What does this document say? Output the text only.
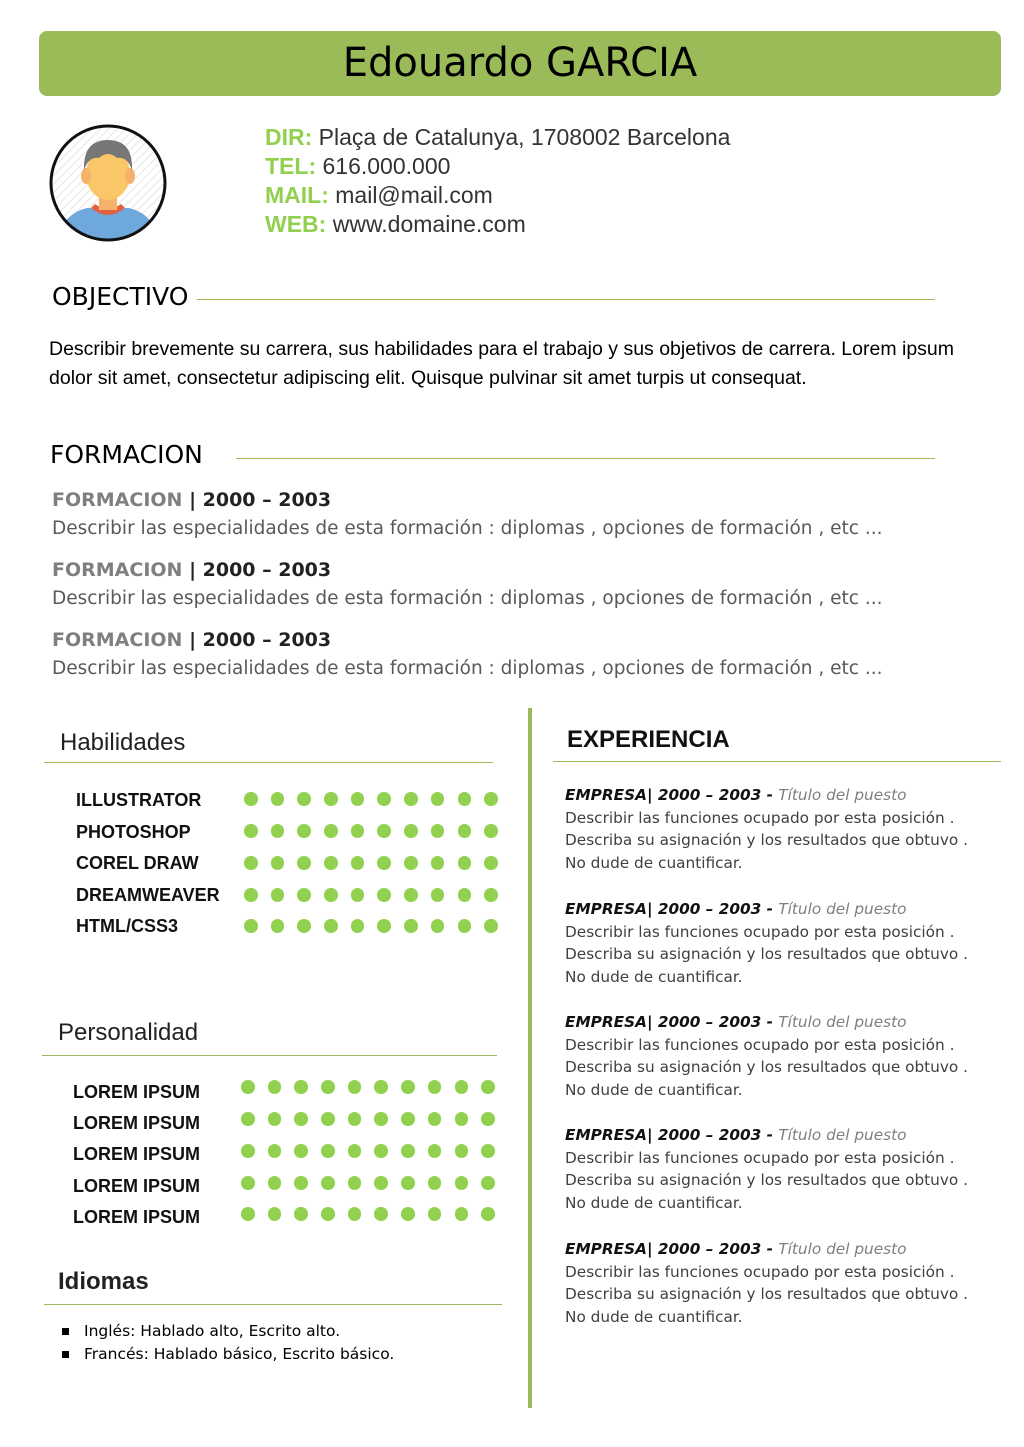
Edouardo GARCIA
DIR: Plaça de Catalunya, 1708002 Barcelona
TEL: 616.000.000
MAIL: mail@mail.com
WEB: www.domaine.com
OBJECTIVO
Describir brevemente su carrera, sus habilidades para el trabajo y sus objetivos de carrera. Lorem ipsum dolor sit amet, consectetur adipiscing elit. Quisque pulvinar sit amet turpis ut consequat.
FORMACION
FORMACION | 2000 – 2003
Describir las especialidades de esta formación : diplomas , opciones de formación , etc ...
FORMACION | 2000 – 2003
Describir las especialidades de esta formación : diplomas , opciones de formación , etc ...
FORMACION | 2000 – 2003
Describir las especialidades de esta formación : diplomas , opciones de formación , etc ...
Habilidades
ILLUSTRATOR
PHOTOSHOP
COREL DRAW
DREAMWEAVER
HTML/CSS3
Personalidad
LOREM IPSUM
LOREM IPSUM
LOREM IPSUM
LOREM IPSUM
LOREM IPSUM
Idiomas
Inglés: Hablado alto, Escrito alto.
Francés: Hablado básico, Escrito básico.
EXPERIENCIA
EMPRESA| 2000 – 2003 - Título del puesto
Describir las funciones ocupado por esta posición .
Describa su asignación y los resultados que obtuvo .
No dude de cuantificar.
EMPRESA| 2000 – 2003 - Título del puesto
Describir las funciones ocupado por esta posición .
Describa su asignación y los resultados que obtuvo .
No dude de cuantificar.
EMPRESA| 2000 – 2003 - Título del puesto
Describir las funciones ocupado por esta posición .
Describa su asignación y los resultados que obtuvo .
No dude de cuantificar.
EMPRESA| 2000 – 2003 - Título del puesto
Describir las funciones ocupado por esta posición .
Describa su asignación y los resultados que obtuvo .
No dude de cuantificar.
EMPRESA| 2000 – 2003 - Título del puesto
Describir las funciones ocupado por esta posición .
Describa su asignación y los resultados que obtuvo .
No dude de cuantificar.
